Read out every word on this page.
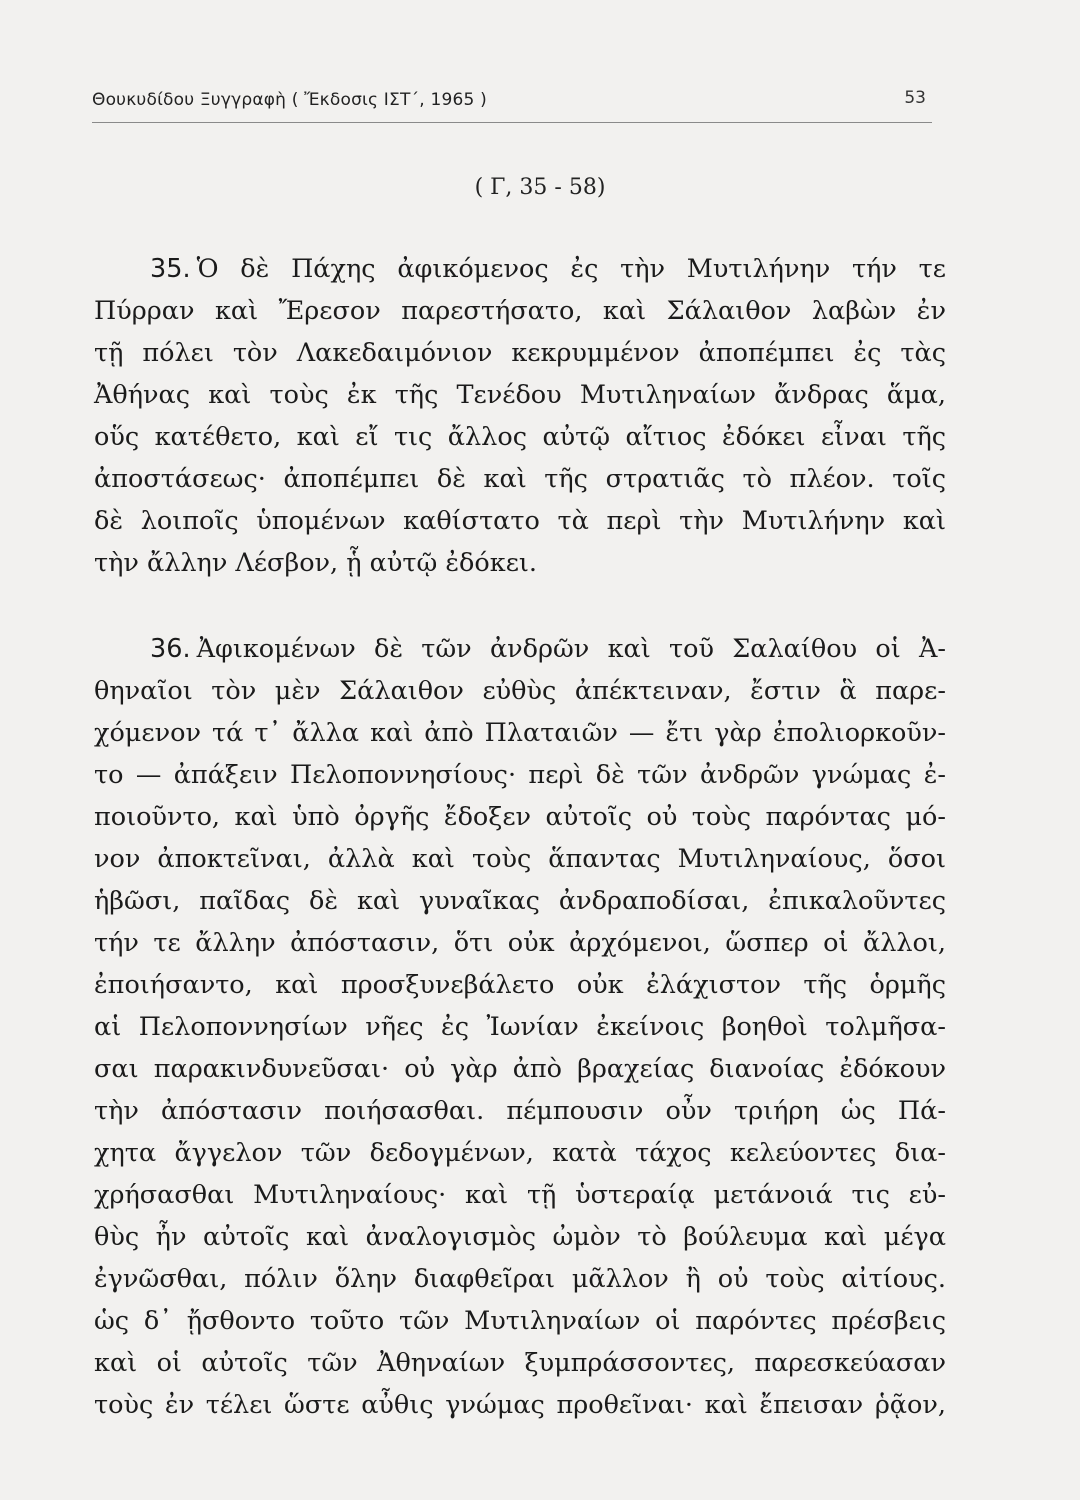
Θουκυδίδου Ξυγγραφὴ ( Ἔκδοσις ΙΣΤ΄, 1965 )	53
( Γ, 35 - 58)
35. Ὁ δὲ Πάχης ἀφικόμενος ἐς τὴν Μυτιλήνην τήν τε
Πύρραν καὶ Ἔρεσον παρεστήσατο, καὶ Σάλαιθον λαβὼν ἐν
τῇ πόλει τὸν Λακεδαιμόνιον κεκρυμμένον ἀποπέμπει ἐς τὰς
Ἀθήνας καὶ τοὺς ἐκ τῆς Τενέδου Μυτιληναίων ἄνδρας ἅμα,
οὕς κατέθετο, καὶ εἴ τις ἄλλος αὐτῷ αἴτιος ἐδόκει εἶναι τῆς
ἀποστάσεως· ἀποπέμπει δὲ καὶ τῆς στρατιᾶς τὸ πλέον. τοῖς
δὲ λοιποῖς ὑπομένων καθίστατο τὰ περὶ τὴν Μυτιλήνην καὶ
τὴν ἄλλην Λέσβον, ᾗ αὐτῷ ἐδόκει.
36. Ἀφικομένων δὲ τῶν ἀνδρῶν καὶ τοῦ Σαλαίθου οἱ Ἀ-
θηναῖοι τὸν μὲν Σάλαιθον εὐθὺς ἀπέκτειναν, ἔστιν ἃ παρε-
χόμενον τά τ᾽ ἄλλα καὶ ἀπὸ Πλαταιῶν — ἔτι γὰρ ἐπολιορκοῦν-
το — ἀπάξειν Πελοποννησίους· περὶ δὲ τῶν ἀνδρῶν γνώμας ἐ-
ποιοῦντο, καὶ ὑπὸ ὀργῆς ἔδοξεν αὐτοῖς οὐ τοὺς παρόντας μό-
νον ἀποκτεῖναι, ἀλλὰ καὶ τοὺς ἅπαντας Μυτιληναίους, ὅσοι
ἡβῶσι, παῖδας δὲ καὶ γυναῖκας ἀνδραποδίσαι, ἐπικαλοῦντες
τήν τε ἄλλην ἀπόστασιν, ὅτι οὐκ ἀρχόμενοι, ὥσπερ οἱ ἄλλοι,
ἐποιήσαντο, καὶ προσξυνεβάλετο οὐκ ἐλάχιστον τῆς ὁρμῆς
αἱ Πελοποννησίων νῆες ἐς Ἰωνίαν ἐκείνοις βοηθοὶ τολμῆσα-
σαι παρακινδυνεῦσαι· οὐ γὰρ ἀπὸ βραχείας διανοίας ἐδόκουν
τὴν ἀπόστασιν ποιήσασθαι. πέμπουσιν οὖν τριήρη ὡς Πά-
χητα ἄγγελον τῶν δεδογμένων, κατὰ τάχος κελεύοντες δια-
χρήσασθαι Μυτιληναίους· καὶ τῇ ὑστεραίᾳ μετάνοιά τις εὐ-
θὺς ἦν αὐτοῖς καὶ ἀναλογισμὸς ὠμὸν τὸ βούλευμα καὶ μέγα
ἐγνῶσθαι, πόλιν ὅλην διαφθεῖραι μᾶλλον ἢ οὐ τοὺς αἰτίους.
ὡς δ᾽ ᾔσθοντο τοῦτο τῶν Μυτιληναίων οἱ παρόντες πρέσβεις
καὶ οἱ αὐτοῖς τῶν Ἀθηναίων ξυμπράσσοντες, παρεσκεύασαν
τοὺς ἐν τέλει ὥστε αὖθις γνώμας προθεῖναι· καὶ ἔπεισαν ῥᾷον,
